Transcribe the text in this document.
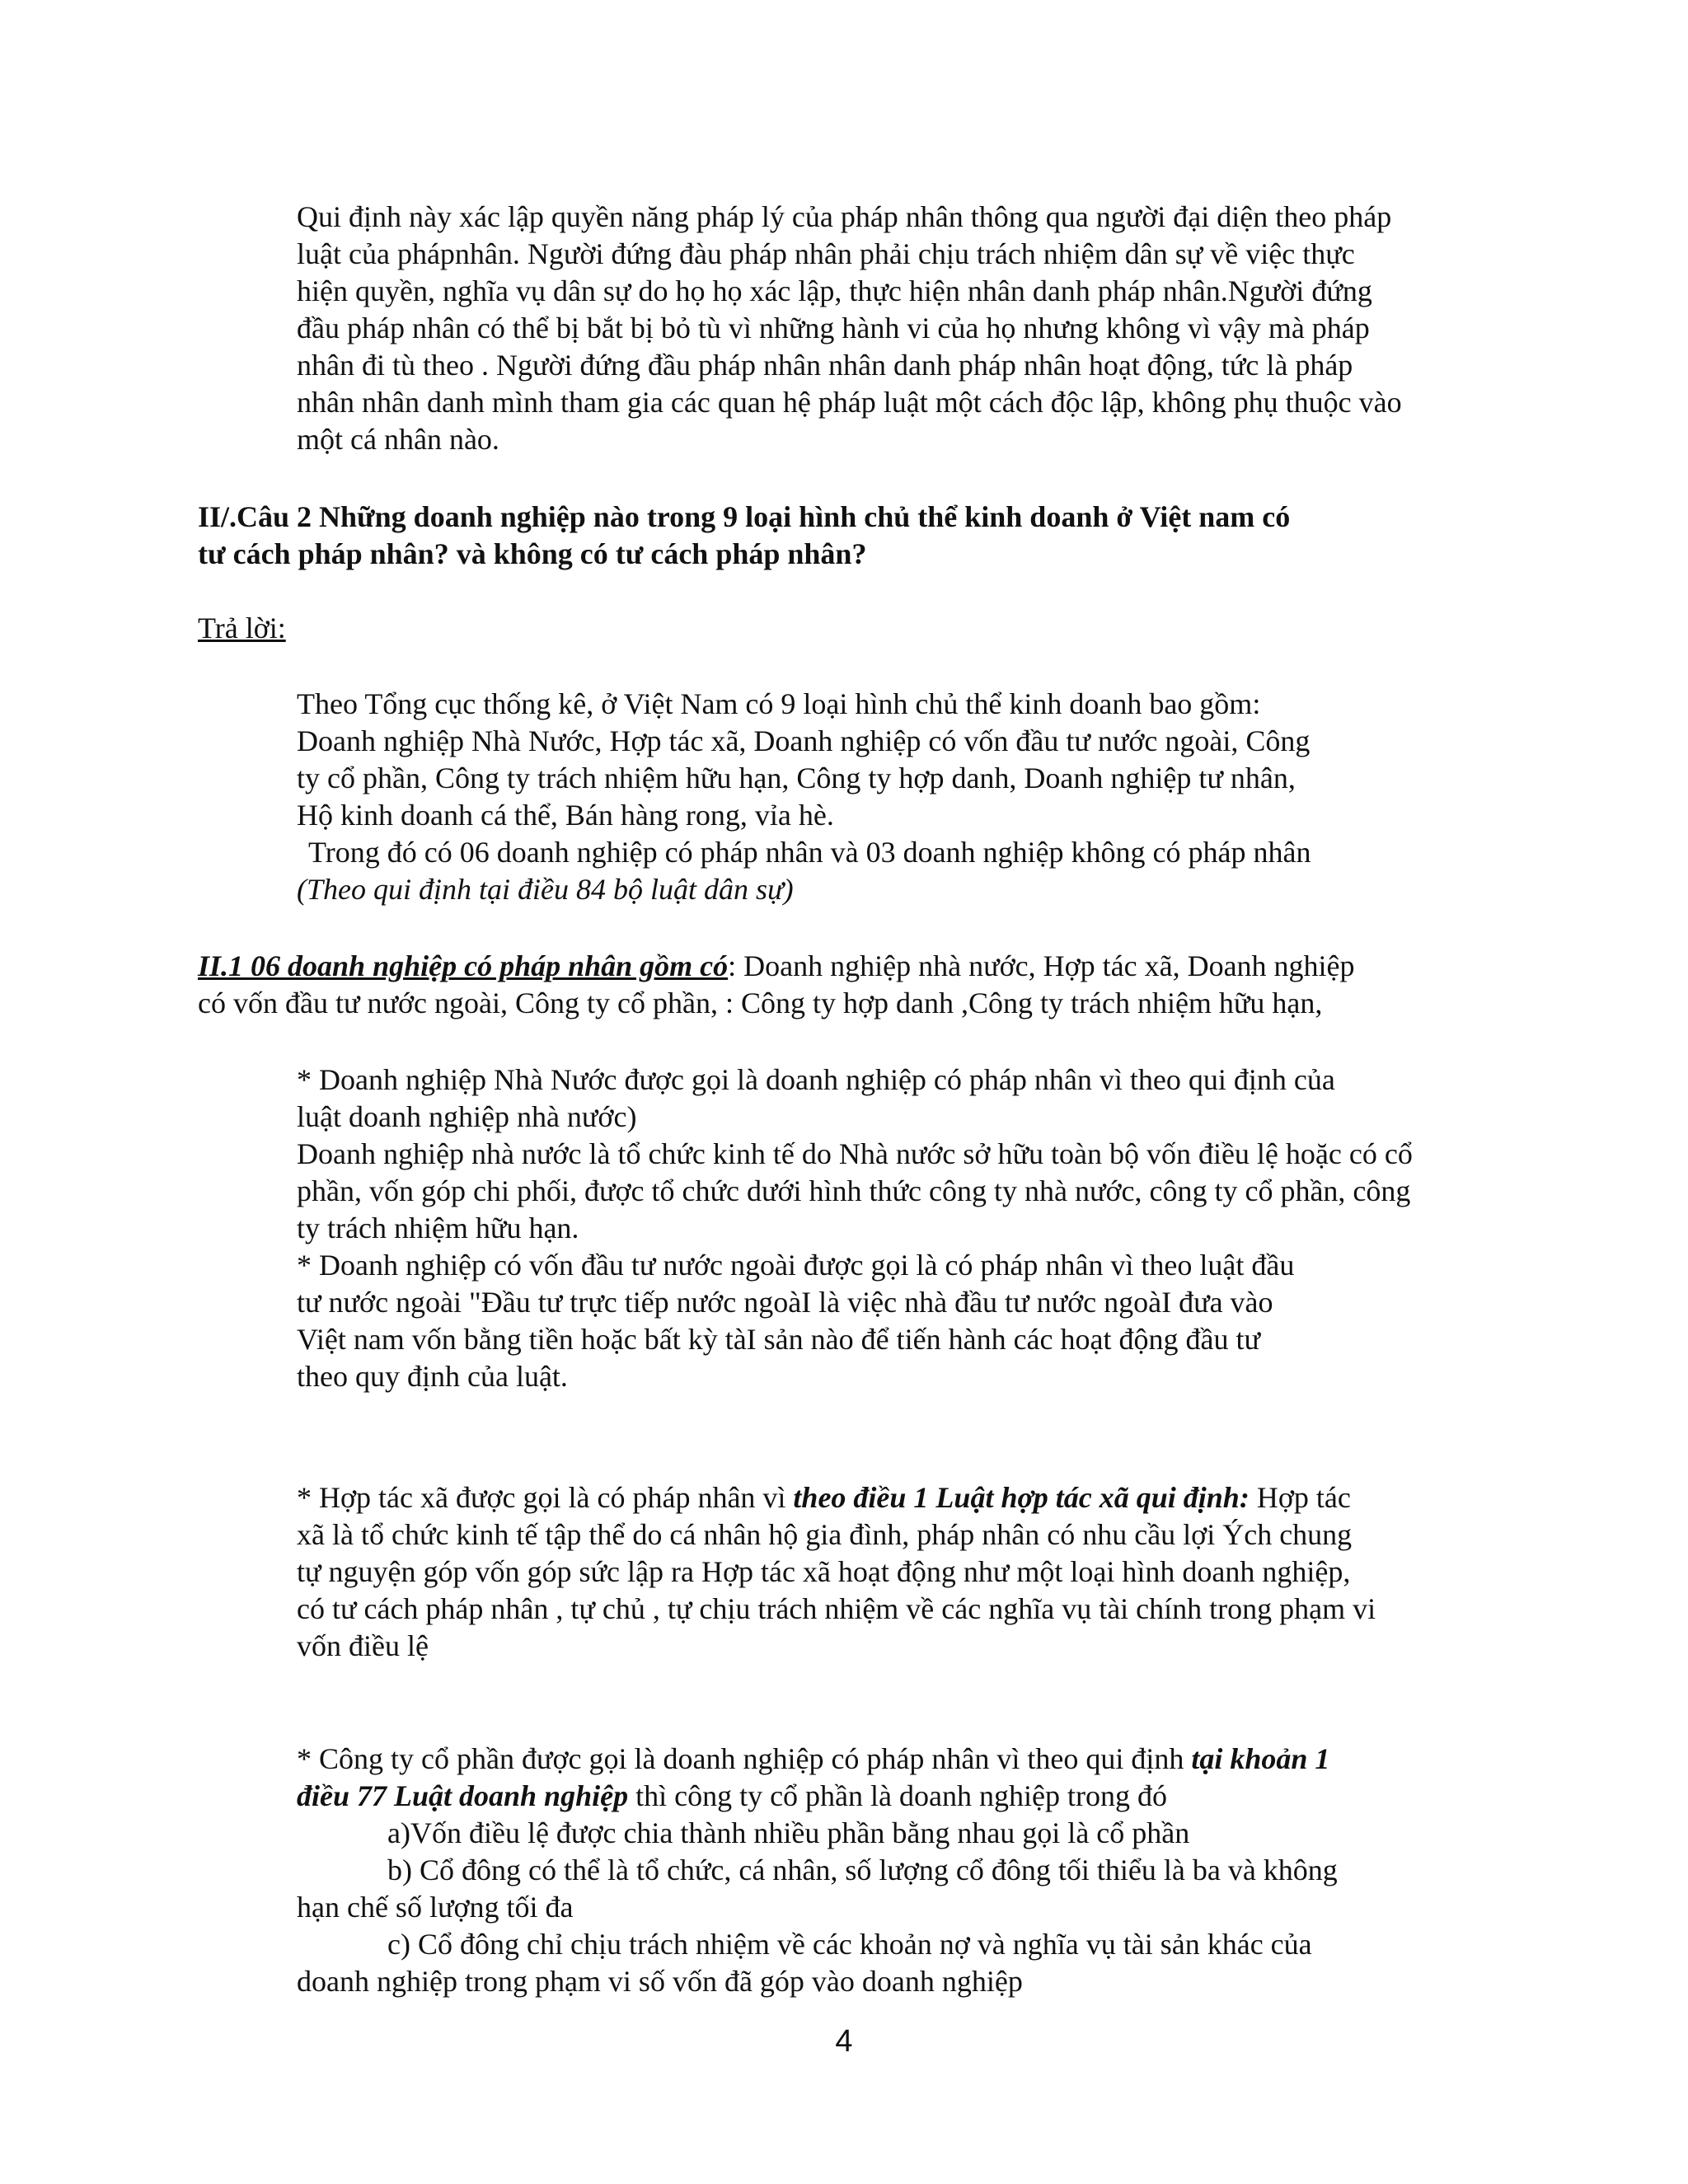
Qui định này xác lập quyền năng pháp lý của pháp nhân thông qua người đại diện theo pháp

luật của phápnhân. Người đứng đàu pháp nhân phải chịu trách nhiệm dân sự về việc thực

hiện quyền, nghĩa vụ dân sự do họ họ xác lập, thực hiện nhân danh pháp nhân.Người đứng

đầu pháp nhân có thể bị bắt bị bỏ tù vì những hành vi của họ nhưng không vì vậy mà pháp

nhân đi tù theo . Người đứng đầu pháp nhân nhân danh pháp nhân hoạt động, tức là pháp

nhân nhân danh mình tham gia các quan hệ pháp luật một cách độc lập, không phụ thuộc vào

một cá nhân nào.

II/.Câu 2 Những doanh nghiệp nào trong 9 loại hình chủ thể kinh doanh ở Việt nam có

tư cách pháp nhân? và không có tư cách pháp nhân?

Trả lời:

Theo Tổng cục thống kê, ở Việt Nam có 9 loại hình chủ thể kinh doanh bao gồm:

Doanh nghiệp Nhà Nước, Hợp tác xã, Doanh nghiệp có vốn đầu tư nước ngoài, Công

ty cổ phần, Công ty trách nhiệm hữu hạn, Công ty hợp danh, Doanh nghiệp tư nhân,

Hộ kinh doanh cá thể, Bán hàng rong, vỉa hè.

Trong đó có 06 doanh nghiệp có pháp nhân và 03 doanh nghiệp không có pháp nhân

(Theo qui định tại điều 84 bộ luật dân sự)

II.1 06 doanh nghiệp có pháp nhân gồm có: Doanh nghiệp nhà nước, Hợp tác xã, Doanh nghiệp

có vốn đầu tư nước ngoài, Công ty cổ phần, : Công ty hợp danh ,Công ty trách nhiệm hữu hạn,

* Doanh nghiệp Nhà Nước được gọi là doanh nghiệp có pháp nhân vì theo qui định của

luật doanh nghiệp nhà nước)

Doanh nghiệp nhà nước là tổ chức kinh tế do Nhà nước sở hữu toàn bộ vốn điều lệ hoặc có cổ

phần, vốn góp chi phối, được tổ chức dưới hình thức công ty nhà nước, công ty cổ phần, công

ty trách nhiệm hữu hạn.

* Doanh nghiệp có vốn đầu tư nước ngoài được gọi là có pháp nhân vì theo luật đầu

tư nước ngoài "Đầu tư trực tiếp nước ngoàI là việc nhà đầu tư nước ngoàI đưa vào

Việt nam vốn bằng tiền hoặc bất kỳ tàI sản nào để tiến hành các hoạt động đầu tư

theo quy định của luật.

* Hợp tác xã được gọi là có pháp nhân vì theo điều 1 Luật hợp tác xã qui định: Hợp tác

xã là tổ chức kinh tế tập thể do cá nhân hộ gia đình, pháp nhân có nhu cầu lợi Ých chung

tự nguyện góp vốn góp sức lập ra Hợp tác xã hoạt động như một loại hình doanh nghiệp,

có tư cách pháp nhân , tự chủ , tự chịu trách nhiệm về các nghĩa vụ tài chính trong phạm vi

vốn điều lệ

* Công ty cổ phần được gọi là doanh nghiệp có pháp nhân vì theo qui định tại khoản 1

điều 77 Luật doanh nghiệp thì công ty cổ phần là doanh nghiệp trong đó

a)Vốn điều lệ được chia thành nhiều phần bằng nhau gọi là cổ phần

b) Cổ đông có thể là tổ chức, cá nhân, số lượng cổ đông tối thiểu là ba và không

hạn chế số lượng tối đa

c) Cổ đông chỉ chịu trách nhiệm về các khoản nợ và nghĩa vụ tài sản khác của

doanh nghiệp trong phạm vi số vốn đã góp vào doanh nghiệp

4
